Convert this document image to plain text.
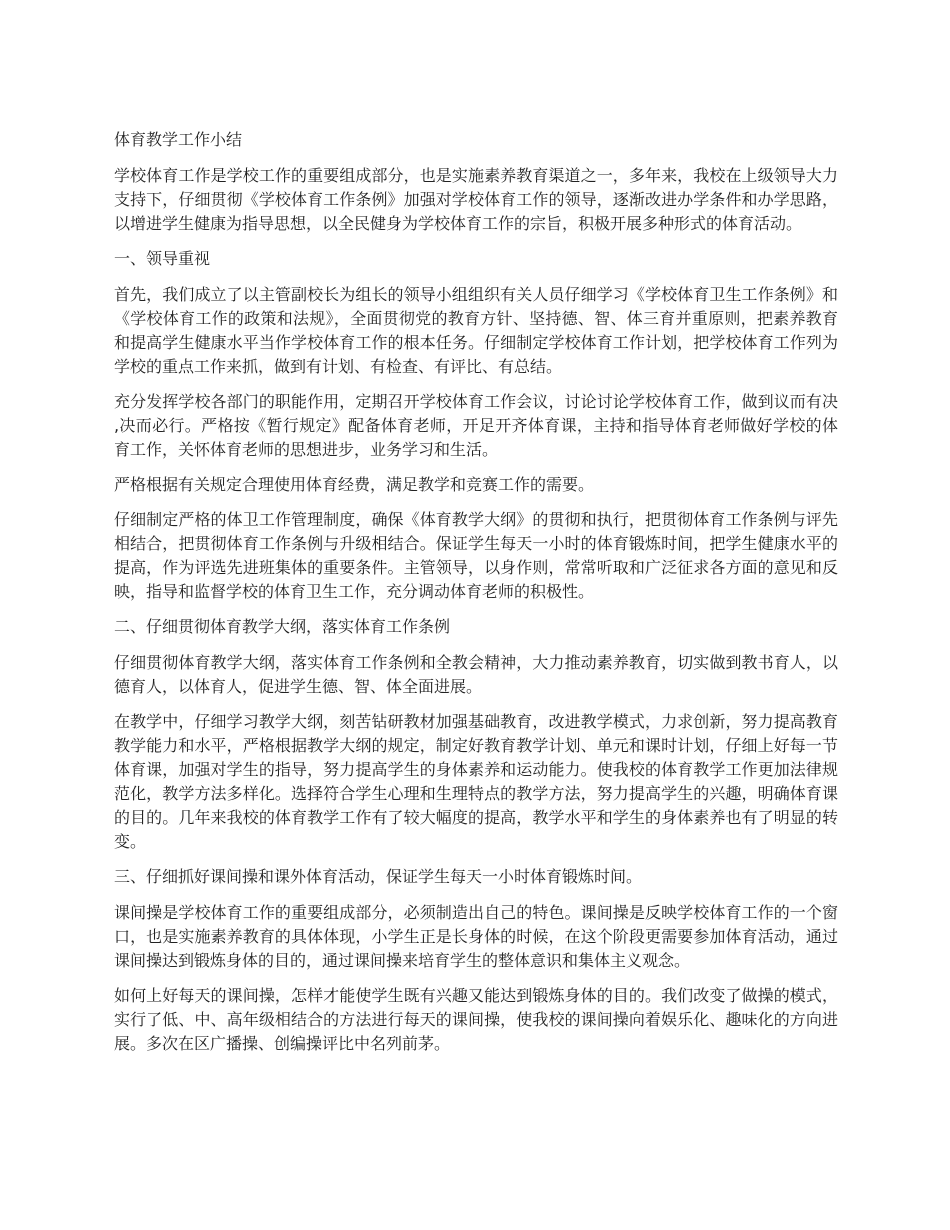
体育教学工作小结

学校体育工作是学校工作的重要组成部分，也是实施素养教育渠道之一，多年来，我校在上级领导大力支持下，仔细贯彻《学校体育工作条例》加强对学校体育工作的领导，逐渐改进办学条件和办学思路，以增进学生健康为指导思想，以全民健身为学校体育工作的宗旨，积极开展多种形式的体育活动。

一、领导重视

首先，我们成立了以主管副校长为组长的领导小组组织有关人员仔细学习《学校体育卫生工作条例》和《学校体育工作的政策和法规》，全面贯彻党的教育方针、坚持德、智、体三育并重原则，把素养教育和提高学生健康水平当作学校体育工作的根本任务。仔细制定学校体育工作计划，把学校体育工作列为学校的重点工作来抓，做到有计划、有检查、有评比、有总结。

充分发挥学校各部门的职能作用，定期召开学校体育工作会议，讨论讨论学校体育工作，做到议而有决,决而必行。严格按《暂行规定》配备体育老师，开足开齐体育课，主持和指导体育老师做好学校的体育工作，关怀体育老师的思想进步，业务学习和生活。

严格根据有关规定合理使用体育经费，满足教学和竞赛工作的需要。

仔细制定严格的体卫工作管理制度，确保《体育教学大纲》的贯彻和执行，把贯彻体育工作条例与评先相结合，把贯彻体育工作条例与升级相结合。保证学生每天一小时的体育锻炼时间，把学生健康水平的提高，作为评选先进班集体的重要条件。主管领导，以身作则，常常听取和广泛征求各方面的意见和反映，指导和监督学校的体育卫生工作，充分调动体育老师的积极性。

二、仔细贯彻体育教学大纲，落实体育工作条例

仔细贯彻体育教学大纲，落实体育工作条例和全教会精神，大力推动素养教育，切实做到教书育人，以德育人，以体育人，促进学生德、智、体全面进展。

在教学中，仔细学习教学大纲，刻苦钻研教材加强基础教育，改进教学模式，力求创新，努力提高教育教学能力和水平，严格根据教学大纲的规定，制定好教育教学计划、单元和课时计划，仔细上好每一节体育课，加强对学生的指导，努力提高学生的身体素养和运动能力。使我校的体育教学工作更加法律规范化，教学方法多样化。选择符合学生心理和生理特点的教学方法，努力提高学生的兴趣，明确体育课的目的。几年来我校的体育教学工作有了较大幅度的提高，教学水平和学生的身体素养也有了明显的转变。

三、仔细抓好课间操和课外体育活动，保证学生每天一小时体育锻炼时间。

课间操是学校体育工作的重要组成部分，必须制造出自己的特色。课间操是反映学校体育工作的一个窗口，也是实施素养教育的具体体现，小学生正是长身体的时候，在这个阶段更需要参加体育活动，通过课间操达到锻炼身体的目的，通过课间操来培育学生的整体意识和集体主义观念。

如何上好每天的课间操，怎样才能使学生既有兴趣又能达到锻炼身体的目的。我们改变了做操的模式，实行了低、中、高年级相结合的方法进行每天的课间操，使我校的课间操向着娱乐化、趣味化的方向进展。多次在区广播操、创编操评比中名列前茅。
